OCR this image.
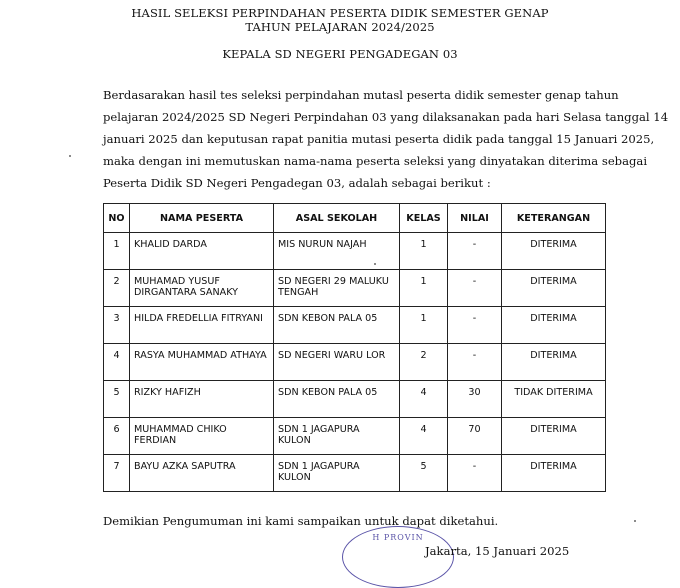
HASIL SELEKSI PERPINDAHAN PESERTA DIDIK SEMESTER GENAP
TAHUN PELAJARAN 2024/2025
KEPALA SD NEGERI PENGADEGAN 03
Berdasarakan hasil tes seleksi perpindahan mutasl peserta didik semester genap tahun
pelajaran 2024/2025 SD Negeri Perpindahan 03 yang dilaksanakan pada hari Selasa tanggal 14
januari 2025 dan keputusan rapat panitia mutasi peserta didik pada tanggal 15 Januari 2025,
maka dengan ini memutuskan nama-nama peserta seleksi yang dinyatakan diterima sebagai
Peserta Didik SD Negeri Pengadegan 03, adalah sebagai berikut :
NO	NAMA PESERTA	ASAL SEKOLAH	KELAS	NILAI	KETERANGAN
1	KHALID DARDA	MIS NURUN NAJAH	1	-	DITERIMA
2	MUHAMAD YUSUF DIRGANTARA SANAKY	SD NEGERI 29 MALUKU TENGAH	1	-	DITERIMA
3	HILDA FREDELLIA FITRYANI	SDN KEBON PALA 05	1	-	DITERIMA
4	RASYA MUHAMMAD ATHAYA	SD NEGERI WARU LOR	2	-	DITERIMA
5	RIZKY HAFIZH	SDN KEBON PALA 05	4	30	TIDAK DITERIMA
6	MUHAMMAD CHIKO FERDIAN	SDN 1 JAGAPURA KULON	4	70	DITERIMA
7	BAYU AZKA SAPUTRA	SDN 1 JAGAPURA KULON	5	-	DITERIMA
Demikian Pengumuman ini kami sampaikan untuk dapat diketahui.
H PROVIN
Jakarta, 15 Januari 2025
